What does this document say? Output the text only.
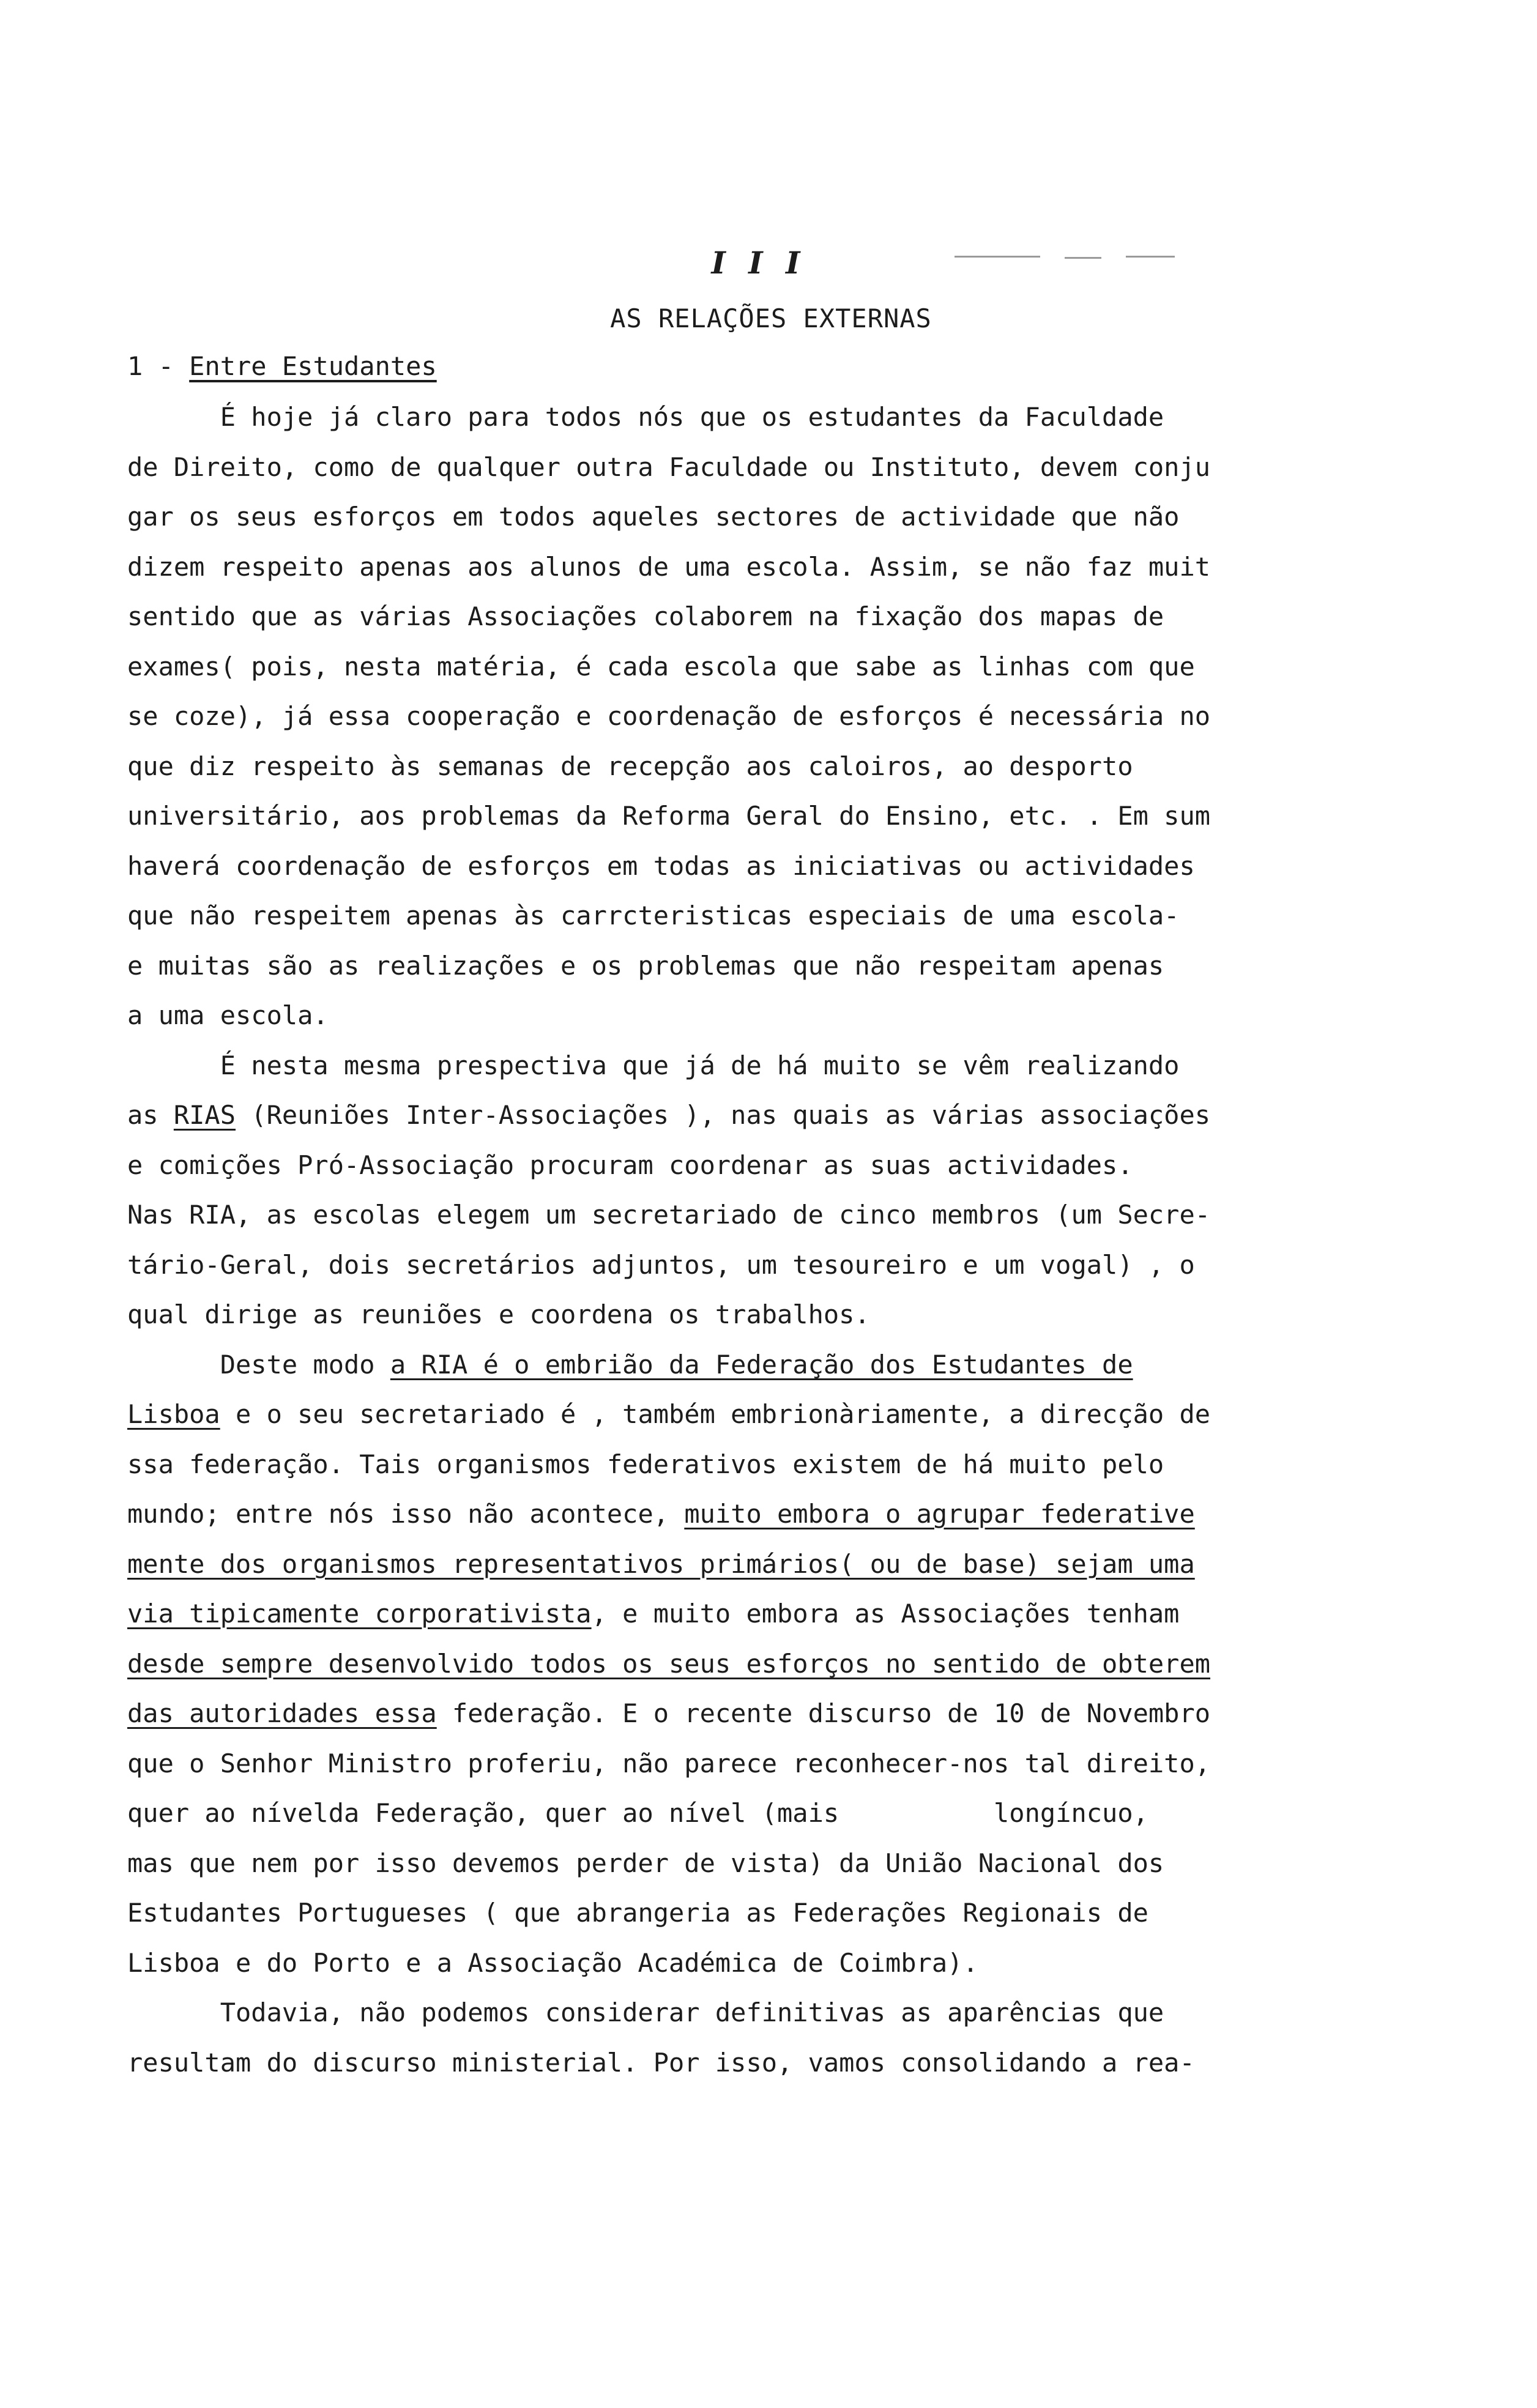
I I I
AS RELAÇÕES EXTERNAS
1 - Entre Estudantes
É hoje já claro para todos nós que os estudantes da Faculdade
de Direito, como de qualquer outra Faculdade ou Instituto, devem conju
gar os seus esforços em todos aqueles sectores de actividade que não
dizem respeito apenas aos alunos de uma escola. Assim, se não faz muit
sentido que as várias Associações colaborem na fixação dos mapas de
exames( pois, nesta matéria, é cada escola que sabe as linhas com que
se coze), já essa cooperação e coordenação de esforços é necessária no
que diz respeito às semanas de recepção aos caloiros, ao desporto
universitário, aos problemas da Reforma Geral do Ensino, etc. . Em sum
haverá coordenação de esforços em todas as iniciativas ou actividades
que não respeitem apenas às carrcteristicas especiais de uma escola-
e muitas são as realizações e os problemas que não respeitam apenas
a uma escola.
É nesta mesma prespectiva que já de há muito se vêm realizando
as RIAS (Reuniões Inter-Associações ), nas quais as várias associações
e comições Pró-Associação procuram coordenar as suas actividades.
Nas RIA, as escolas elegem um secretariado de cinco membros (um Secre-
tário-Geral, dois secretários adjuntos, um tesoureiro e um vogal) , o
qual dirige as reuniões e coordena os trabalhos.
Deste modo a RIA é o embrião da Federação dos Estudantes de
Lisboa e o seu secretariado é , também embrionàriamente, a direcção de
ssa federação. Tais organismos federativos existem de há muito pelo
mundo; entre nós isso não acontece, muito embora o agrupar federative
mente dos organismos representativos primários( ou de base) sejam uma
via tipicamente corporativista, e muito embora as Associações tenham
desde sempre desenvolvido todos os seus esforços no sentido de obterem
das autoridades essa federação. E o recente discurso de 10 de Novembro
que o Senhor Ministro proferiu, não parece reconhecer-nos tal direito,
quer ao nívelda Federação, quer ao nível (mais          longíncuo,
mas que nem por isso devemos perder de vista) da União Nacional dos
Estudantes Portugueses ( que abrangeria as Federações Regionais de
Lisboa e do Porto e a Associação Académica de Coimbra).
Todavia, não podemos considerar definitivas as aparências que
resultam do discurso ministerial. Por isso, vamos consolidando a rea-
